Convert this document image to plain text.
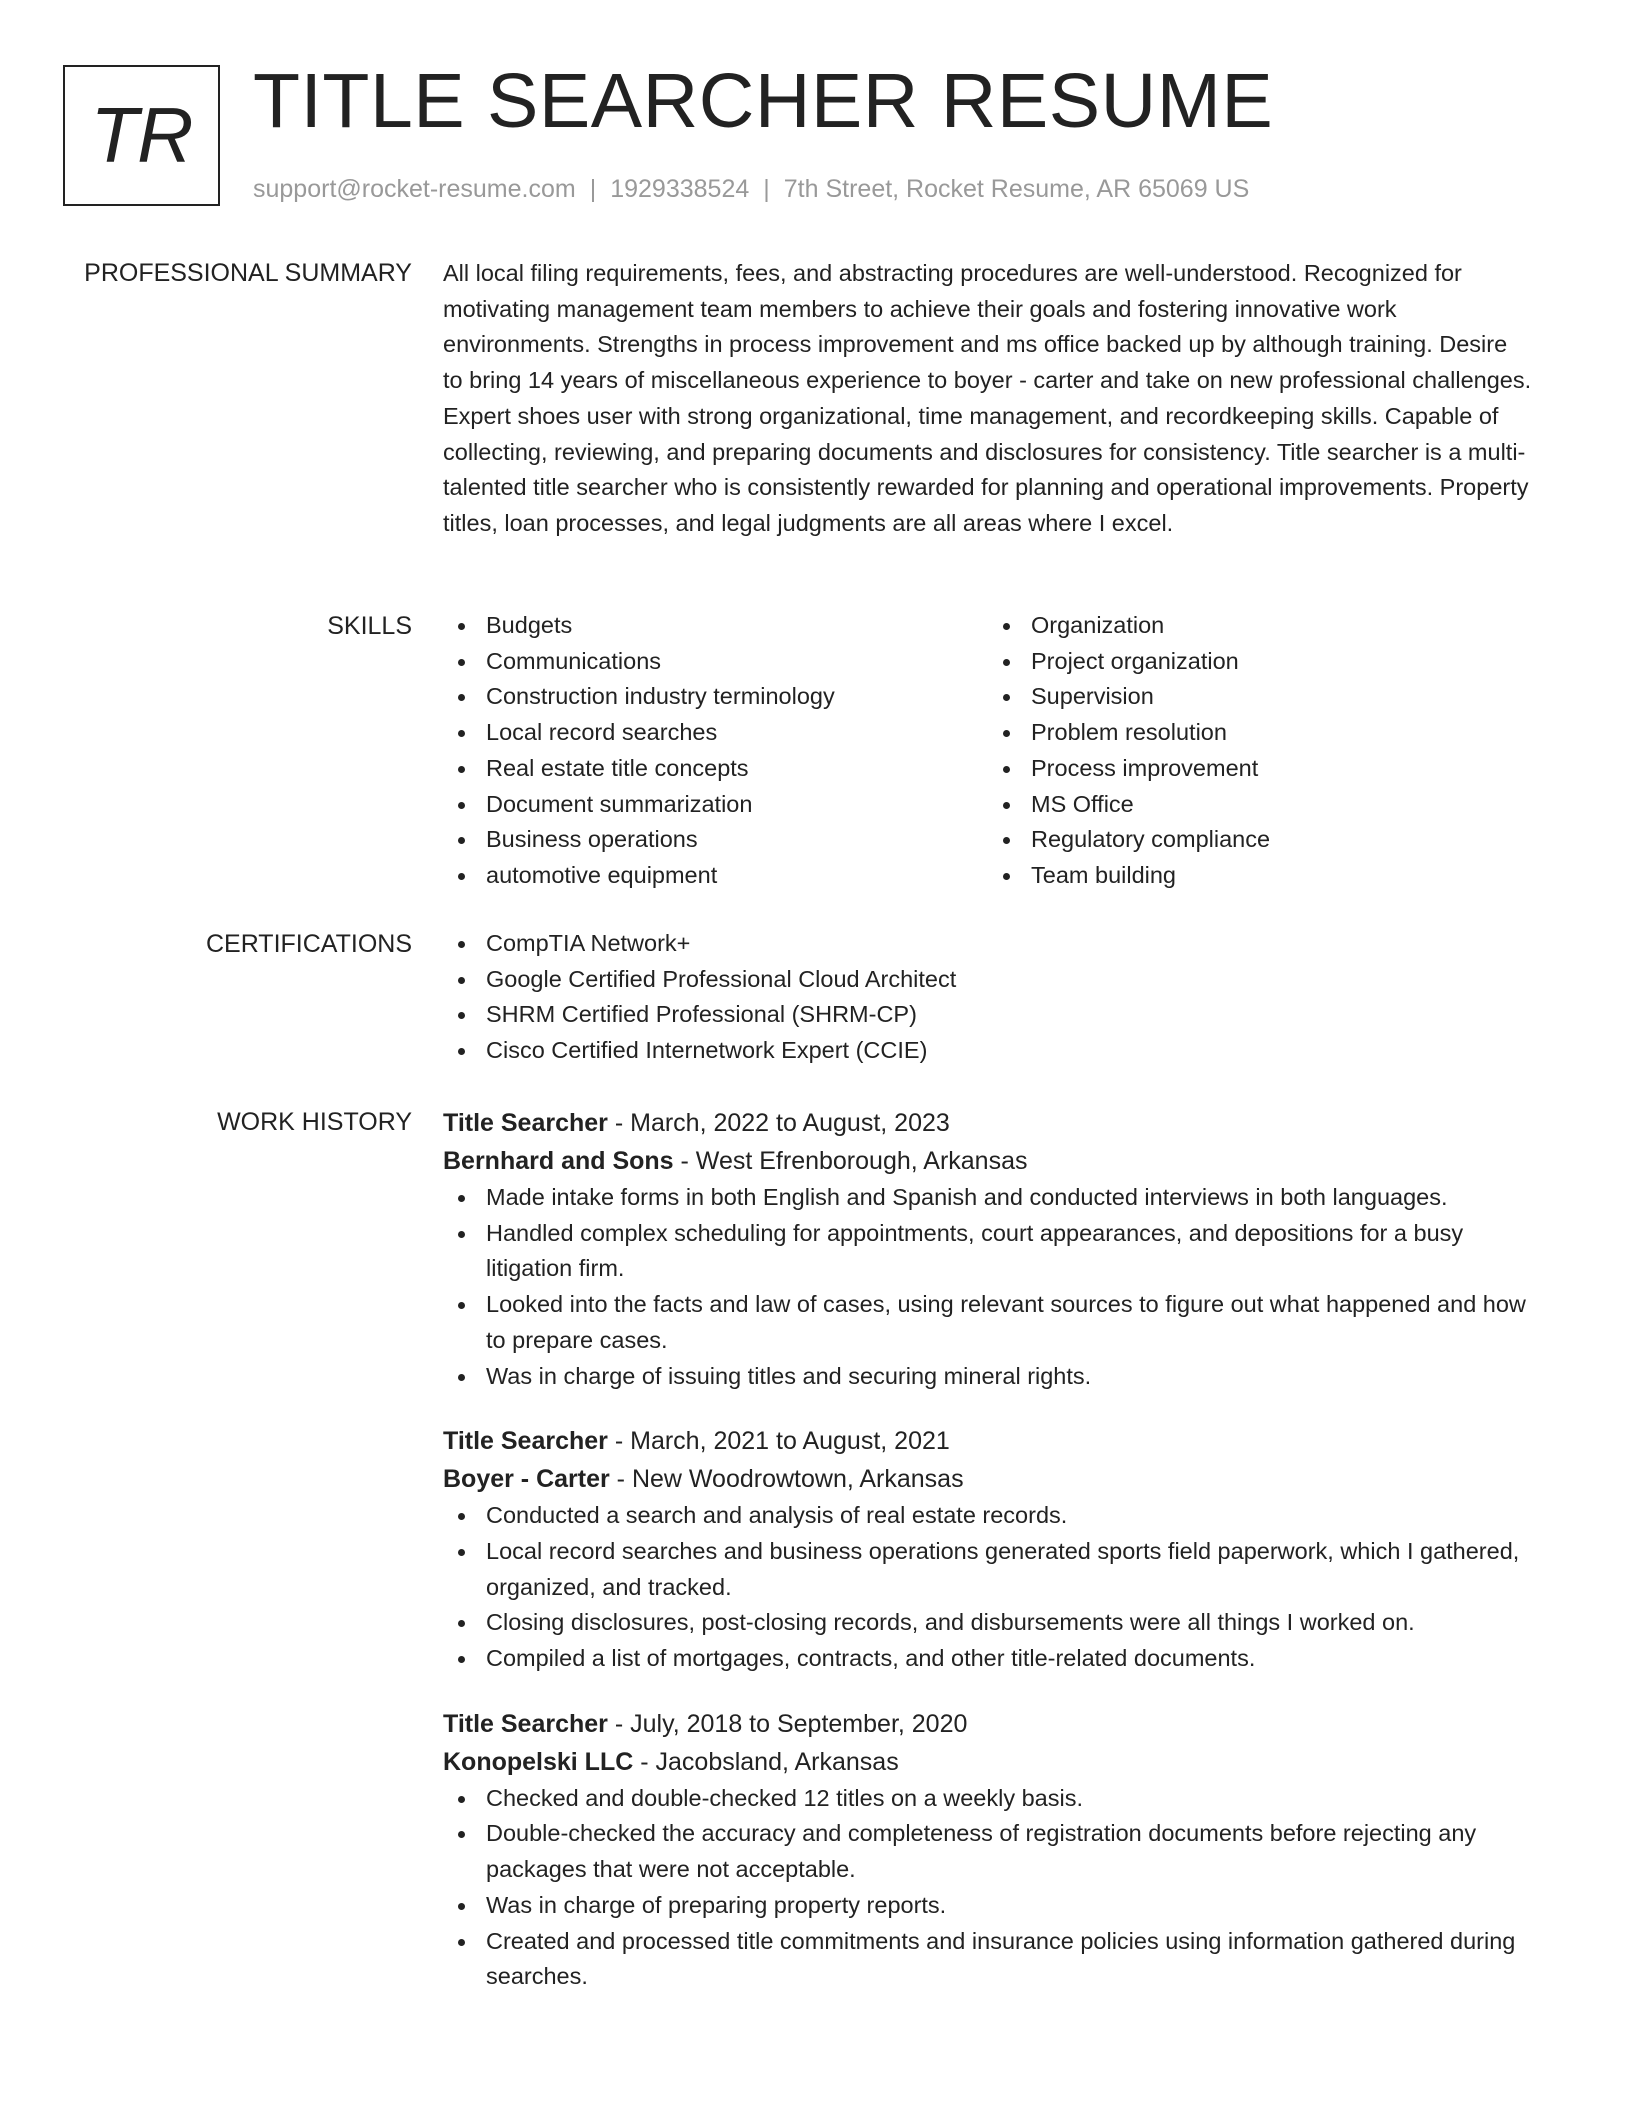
TR TITLE SEARCHER RESUME
support@rocket-resume.com | 1929338524 | 7th Street, Rocket Resume, AR 65069 US
PROFESSIONAL SUMMARY All local filing requirements, fees, and abstracting procedures are well-understood. Recognized for motivating management team members to achieve their goals and fostering innovative work environments. Strengths in process improvement and ms office backed up by although training. Desire to bring 14 years of miscellaneous experience to boyer - carter and take on new professional challenges. Expert shoes user with strong organizational, time management, and recordkeeping skills. Capable of collecting, reviewing, and preparing documents and disclosures for consistency. Title searcher is a multi-talented title searcher who is consistently rewarded for planning and operational improvements. Property titles, loan processes, and legal judgments are all areas where I excel.
SKILLS	Budgets
Communications
Construction industry terminology
Local record searches
Real estate title concepts
Document summarization
Business operations
automotive equipment
Organization
Project organization
Supervision
Problem resolution
Process improvement
MS Office
Regulatory compliance
Team building
CERTIFICATIONS	CompTIA Network+
Google Certified Professional Cloud Architect
SHRM Certified Professional (SHRM-CP)
Cisco Certified Internetwork Expert (CCIE)
WORK HISTORY Title Searcher - March, 2022 to August, 2023
Bernhard and Sons - West Efrenborough, Arkansas
Made intake forms in both English and Spanish and conducted interviews in both languages.
Handled complex scheduling for appointments, court appearances, and depositions for a busy litigation firm.
Looked into the facts and law of cases, using relevant sources to figure out what happened and how to prepare cases.
Was in charge of issuing titles and securing mineral rights.
Title Searcher - March, 2021 to August, 2021
Boyer - Carter - New Woodrowtown, Arkansas
Conducted a search and analysis of real estate records.
Local record searches and business operations generated sports field paperwork, which I gathered, organized, and tracked.
Closing disclosures, post-closing records, and disbursements were all things I worked on.
Compiled a list of mortgages, contracts, and other title-related documents.
Title Searcher - July, 2018 to September, 2020
Konopelski LLC - Jacobsland, Arkansas
Checked and double-checked 12 titles on a weekly basis.
Double-checked the accuracy and completeness of registration documents before rejecting any packages that were not acceptable.
Was in charge of preparing property reports.
Created and processed title commitments and insurance policies using information gathered during searches.
